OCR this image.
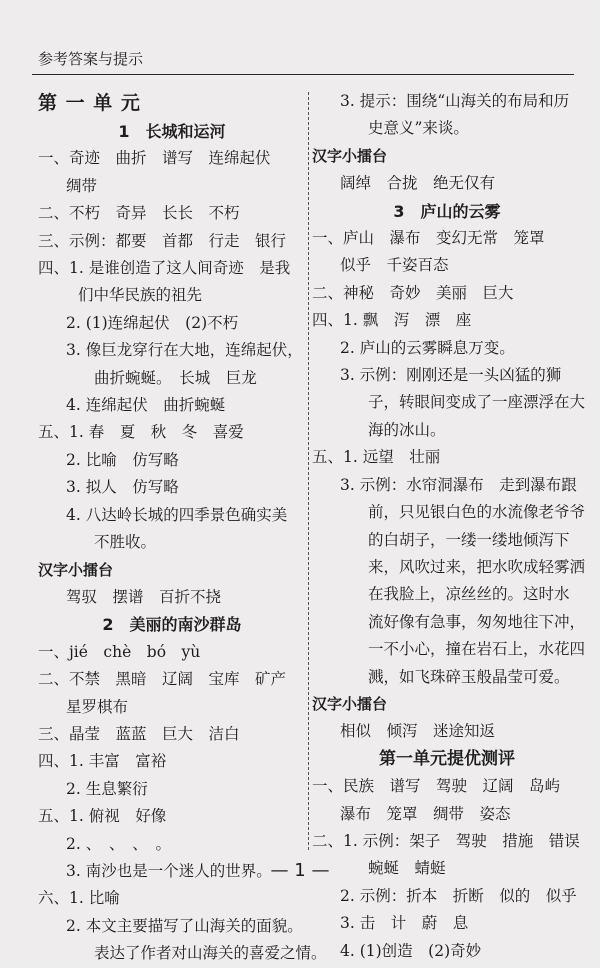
参考答案与提示
第 一 单 元
1　长城和运河
一、奇迹　曲折　谱写　连绵起伏
绸带
二、不朽　奇异　长长　不朽
三、示例：都要　首都　行走　银行
四、1. 是谁创造了这人间奇迹　是我
们中华民族的祖先
2. (1)连绵起伏　(2)不朽
3. 像巨龙穿行在大地，连绵起伏，
曲折蜿蜒。　长城　巨龙
4. 连绵起伏　曲折蜿蜒
五、1. 春　夏　秋　冬　喜爱
2. 比喻　仿写略
3. 拟人　仿写略
4. 八达岭长城的四季景色确实美
不胜收。
汉字小擂台
驾驭　摆谱　百折不挠
2　美丽的南沙群岛
一、jié　chè　bó　yù
二、不禁　黑暗　辽阔　宝库　矿产
星罗棋布
三、晶莹　蓝蓝　巨大　洁白
四、1. 丰富　富裕
2. 生息繁衍
五、1. 俯视　好像
2. 、　、　、　。
3. 南沙也是一个迷人的世界。
六、1. 比喻
2. 本文主要描写了山海关的面貌。
表达了作者对山海关的喜爱之情。
3. 提示：围绕“山海关的布局和历
史意义”来谈。
汉字小擂台
阔绰　合拢　绝无仅有
3　庐山的云雾
一、庐山　瀑布　变幻无常　笼罩
似乎　千姿百态
二、神秘　奇妙　美丽　巨大
四、1. 飘　泻　漂　座
2. 庐山的云雾瞬息万变。
3. 示例：刚刚还是一头凶猛的狮
子，转眼间变成了一座漂浮在大
海的冰山。
五、1. 远望　壮丽
3. 示例：水帘洞瀑布　走到瀑布跟
前，只见银白色的水流像老爷爷
的白胡子，一缕一缕地倾泻下
来，风吹过来，把水吹成轻雾洒
在我脸上，凉丝丝的。这时水
流好像有急事，匆匆地往下冲，
一不小心，撞在岩石上，水花四
溅，如飞珠碎玉般晶莹可爱。
汉字小擂台
相似　倾泻　迷途知返
第一单元提优测评
一、民族　谱写　驾驶　辽阔　岛屿
瀑布　笼罩　绸带　姿态
二、1. 示例：架子　驾驶　措施　错误
蜿蜒　蜻蜓
2. 示例：折本　折断　似的　似乎
3. 击　计　蔚　息
4. (1)创造　(2)奇妙
— 1 —
